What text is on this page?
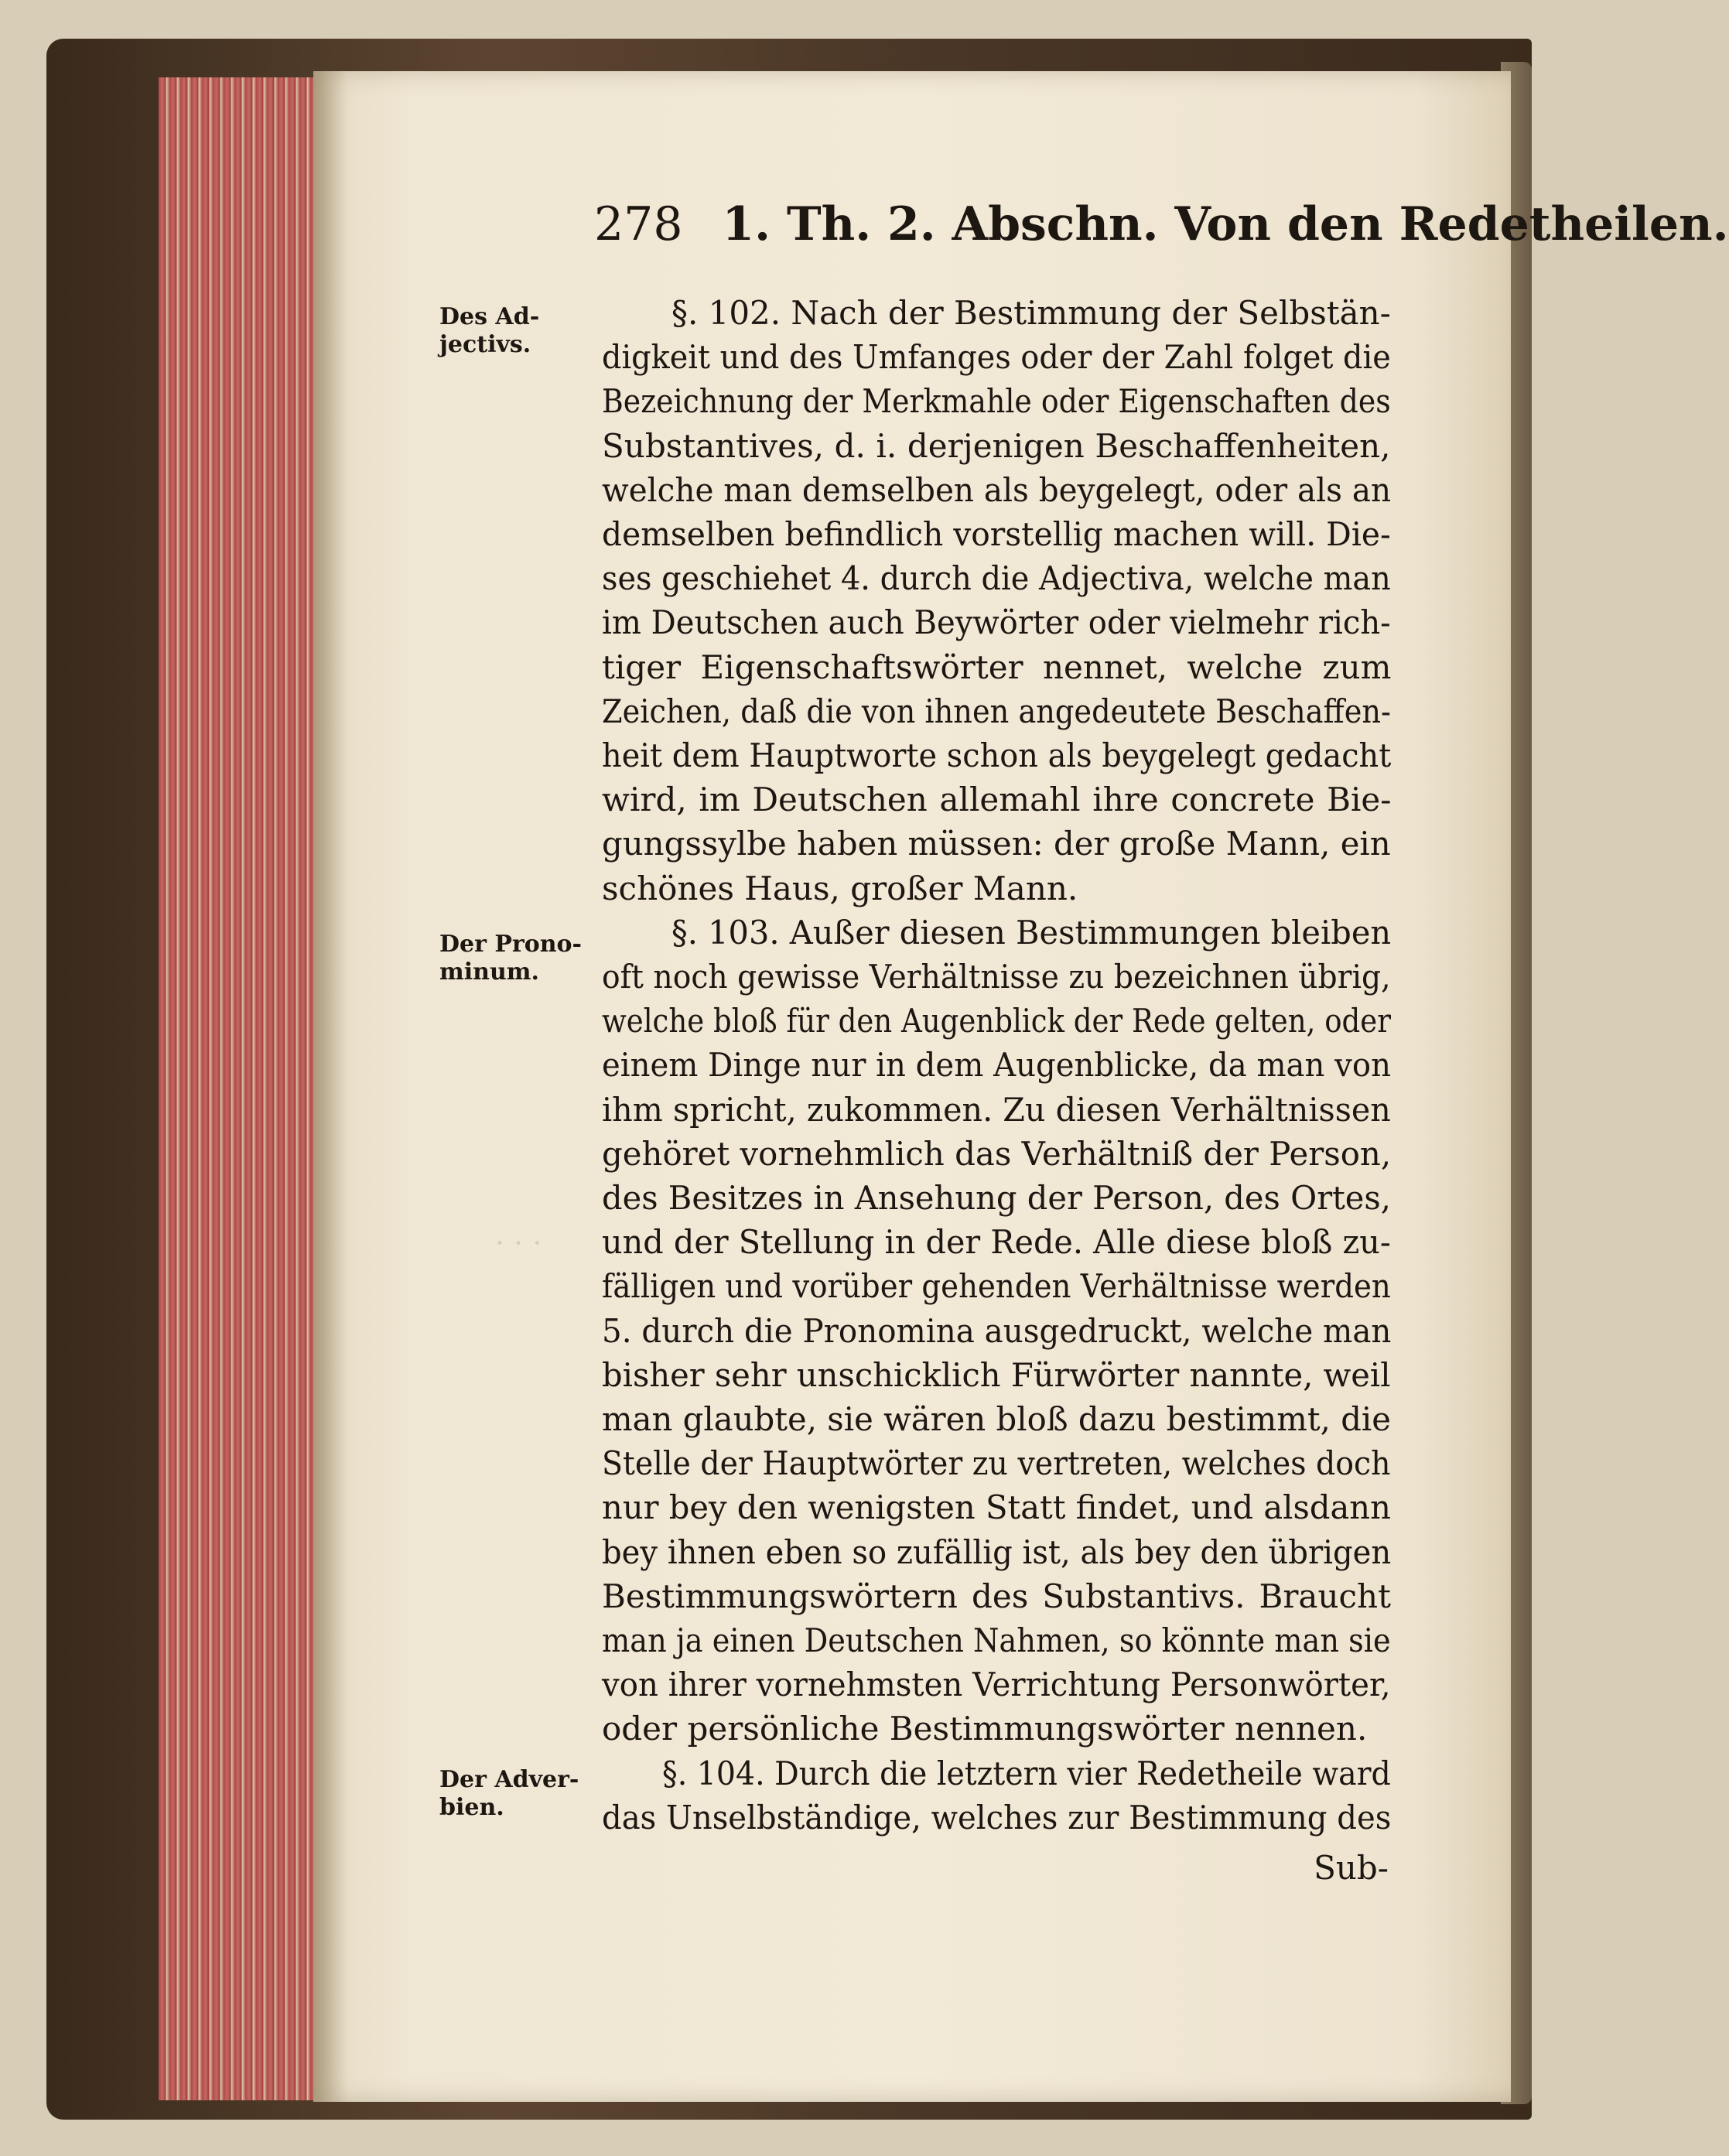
278 1. Th. 2. Abschn. Von den Redetheilen.
Des Ad-
jectivs.
Der Prono-
minum.
Der Adver-
bien.
§. 102. Nach der Bestimmung der Selbstän-
digkeit und des Umfanges oder der Zahl folget die
Bezeichnung der Merkmahle oder Eigenschaften des
Substantives, d. i. derjenigen Beschaffenheiten,
welche man demselben als beygelegt, oder als an
demselben befindlich vorstellig machen will. Die-
ses geschiehet 4. durch die Adjectiva, welche man
im Deutschen auch Beywörter oder vielmehr rich-
tiger Eigenschaftswörter nennet, welche zum
Zeichen, daß die von ihnen angedeutete Beschaffen-
heit dem Hauptworte schon als beygelegt gedacht
wird, im Deutschen allemahl ihre concrete Bie-
gungssylbe haben müssen: der große Mann, ein
schönes Haus, großer Mann.
§. 103. Außer diesen Bestimmungen bleiben
oft noch gewisse Verhältnisse zu bezeichnen übrig,
welche bloß für den Augenblick der Rede gelten, oder
einem Dinge nur in dem Augenblicke, da man von
ihm spricht, zukommen. Zu diesen Verhältnissen
gehöret vornehmlich das Verhältniß der Person,
des Besitzes in Ansehung der Person, des Ortes,
und der Stellung in der Rede. Alle diese bloß zu-
fälligen und vorüber gehenden Verhältnisse werden
5. durch die Pronomina ausgedruckt, welche man
bisher sehr unschicklich Fürwörter nannte, weil
man glaubte, sie wären bloß dazu bestimmt, die
Stelle der Hauptwörter zu vertreten, welches doch
nur bey den wenigsten Statt findet, und alsdann
bey ihnen eben so zufällig ist, als bey den übrigen
Bestimmungswörtern des Substantivs. Braucht
man ja einen Deutschen Nahmen, so könnte man sie
von ihrer vornehmsten Verrichtung Personwörter,
oder persönliche Bestimmungswörter nennen.
§. 104. Durch die letztern vier Redetheile ward
das Unselbständige, welches zur Bestimmung des
Sub-
· · ·
